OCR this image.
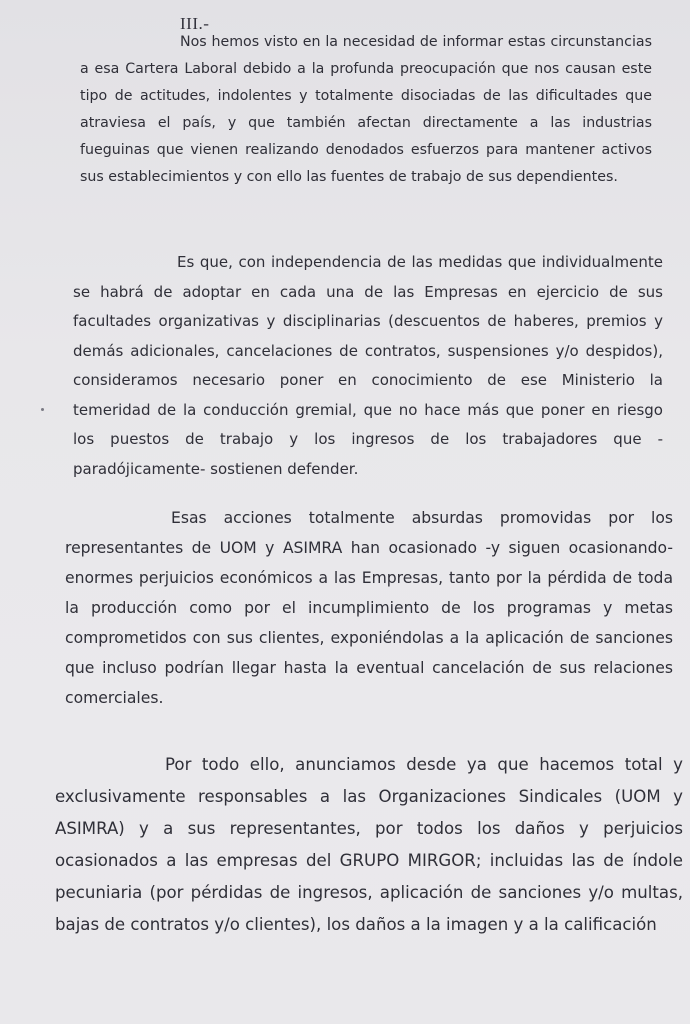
III.-

Nos hemos visto en la necesidad de informar estas circunstancias a esa Cartera Laboral debido a la profunda preocupación que nos causan este tipo de actitudes, indolentes y totalmente disociadas de las dificultades que atraviesa el país, y que también afectan directamente a las industrias fueguinas que vienen realizando denodados esfuerzos para mantener activos sus establecimientos y con ello las fuentes de trabajo de sus dependientes.

Es que, con independencia de las medidas que individualmente se habrá de adoptar en cada una de las Empresas en ejercicio de sus facultades organizativas y disciplinarias (descuentos de haberes, premios y demás adicionales, cancelaciones de contratos, suspensiones y/o despidos), consideramos necesario poner en conocimiento de ese Ministerio la temeridad de la conducción gremial, que no hace más que poner en riesgo los puestos de trabajo y los ingresos de los trabajadores que -paradójicamente- sostienen defender.

Esas acciones totalmente absurdas promovidas por los representantes de UOM y ASIMRA han ocasionado -y siguen ocasionando- enormes perjuicios económicos a las Empresas, tanto por la pérdida de toda la producción como por el incumplimiento de los programas y metas comprometidos con sus clientes, exponiéndolas a la aplicación de sanciones que incluso podrían llegar hasta la eventual cancelación de sus relaciones comerciales.

Por todo ello, anunciamos desde ya que hacemos total y exclusivamente responsables a las Organizaciones Sindicales (UOM y ASIMRA) y a sus representantes, por todos los daños y perjuicios ocasionados a las empresas del GRUPO MIRGOR; incluidas las de índole pecuniaria (por pérdidas de ingresos, aplicación de sanciones y/o multas, bajas de contratos y/o clientes), los daños a la imagen y a la calificación
